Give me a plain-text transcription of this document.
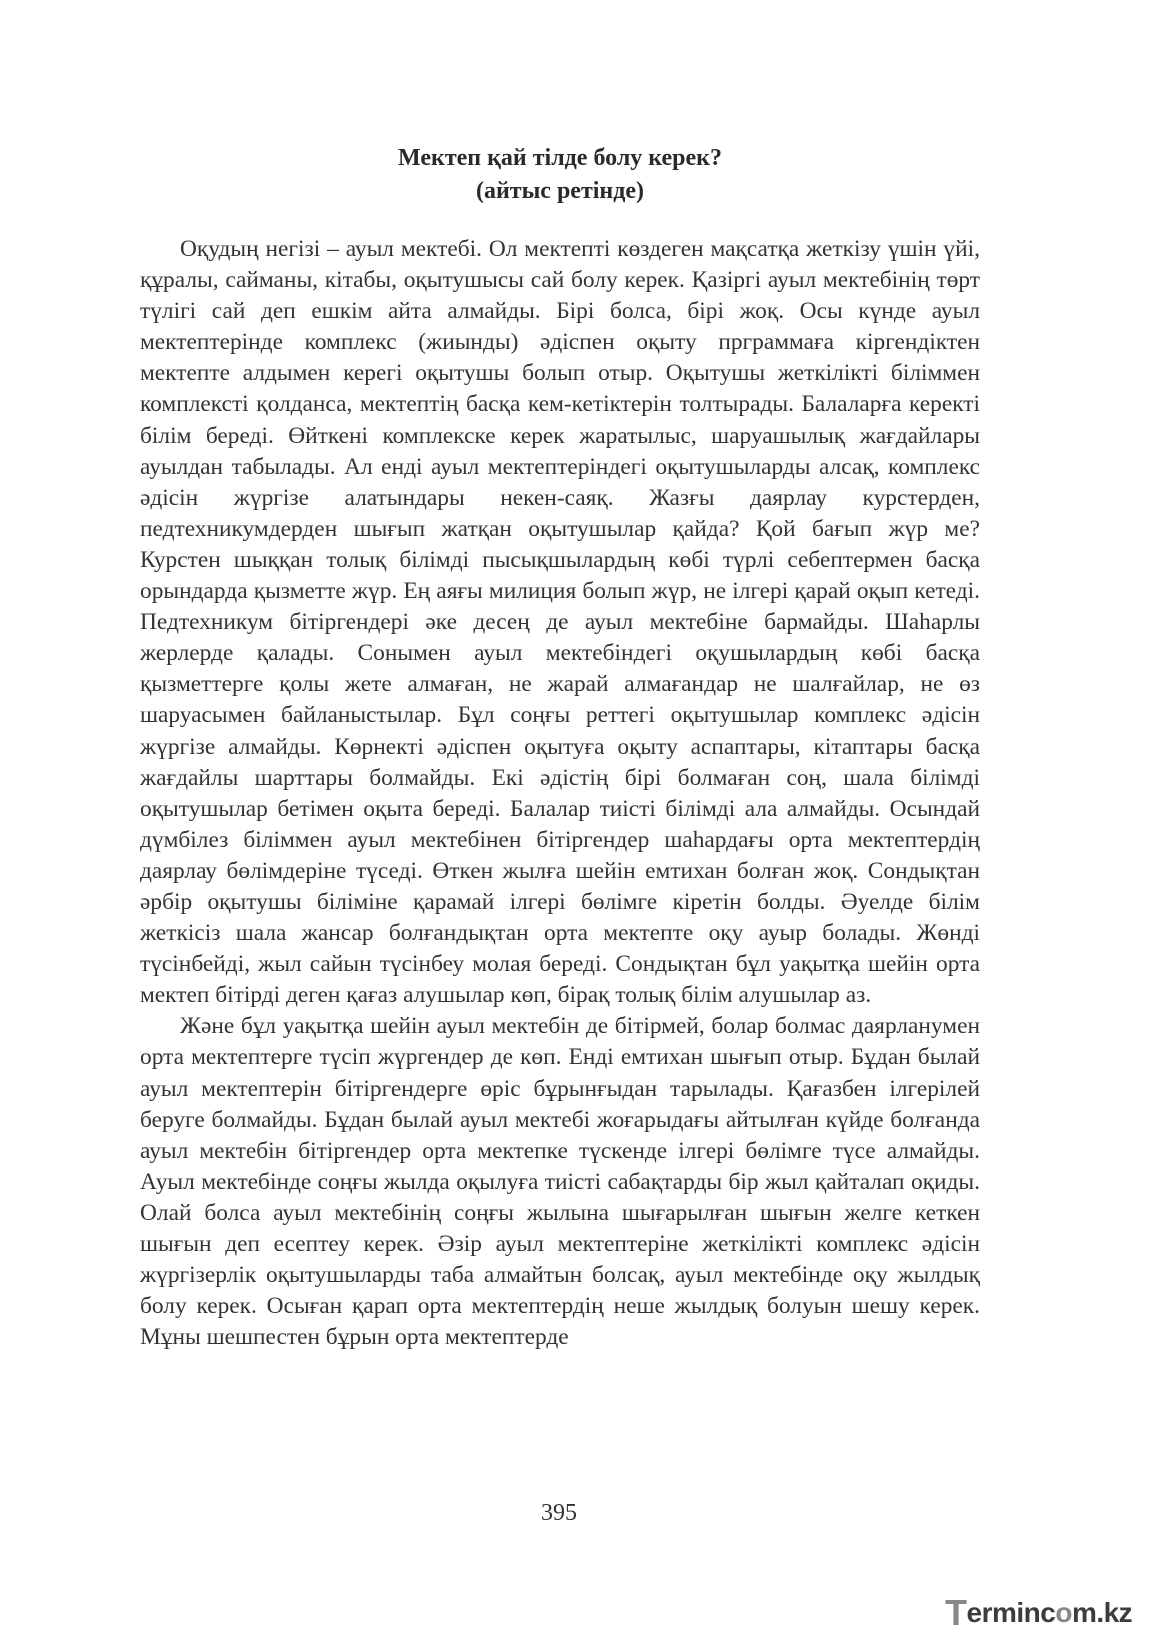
Мектеп қай тілде болу керек?
(айтыс ретінде)

Оқудың негізі – ауыл мектебі. Ол мектепті көздеген мақсатқа жеткізу үшін үйі, құралы, сайманы, кітабы, оқытушысы сай болу керек. Қазіргі ауыл мектебінің төрт түлігі сай деп ешкім айта алмайды. Бірі болса, бірі жоқ. Осы күнде ауыл мектептерінде комплекс (жиынды) әдіспен оқыту прграммаға кіргендіктен мектепте алдымен керегі оқытушы болып отыр. Оқытушы жеткілікті біліммен комплексті қолданса, мектептің басқа кем-кетіктерін толтырады. Балаларға керекті білім береді. Өйткені комплекске керек жаратылыс, шаруашылық жағдайлары ауылдан табылады. Ал енді ауыл мектептеріндегі оқытушыларды алсақ, комплекс әдісін жүргізе алатындары некен-саяқ. Жазғы даярлау курстерден, педтехникумдерден шығып жатқан оқытушылар қайда? Қой бағып жүр ме? Курстен шыққан толық білімді пысықшылардың көбі түрлі себептермен басқа орындарда қызметте жүр. Ең аяғы милиция болып жүр, не ілгері қарай оқып кетеді. Педтехникум бітіргендері әке десең де ауыл мектебіне бармайды. Шаһарлы жерлерде қалады. Сонымен ауыл мектебіндегі оқушылардың көбі басқа қызметтерге қолы жете алмаған, не жарай алмағандар не шалғайлар, не өз шаруасымен байланыстылар. Бұл соңғы реттегі оқытушылар комплекс әдісін жүргізе алмайды. Көрнекті әдіспен оқытуға оқыту аспаптары, кітаптары басқа жағдайлы шарттары болмайды. Екі әдістің бірі болмаған соң, шала білімді оқытушылар бетімен оқыта береді. Балалар тиісті білімді ала алмайды. Осындай дүмбілез біліммен ауыл мектебінен бітіргендер шаһардағы орта мектептердің даярлау бөлімдеріне түседі. Өткен жылға шейін емтихан болған жоқ. Сондықтан әрбір оқытушы біліміне қарамай ілгері бөлімге кіретін болды. Әуелде білім жеткісіз шала жансар болғандықтан орта мектепте оқу ауыр болады. Жөнді түсінбейді, жыл сайын түсінбеу молая береді. Сондықтан бұл уақытқа шейін орта мектеп бітірді деген қағаз алушылар көп, бірақ толық білім алушылар аз.

Және бұл уақытқа шейін ауыл мектебін де бітірмей, болар болмас даярланумен орта мектептерге түсіп жүргендер де көп. Енді емтихан шығып отыр. Бұдан былай ауыл мектептерін бітіргендерге өріс бұрынғыдан тарылады. Қағазбен ілгерілей беруге болмайды. Бұдан былай ауыл мектебі жоғарыдағы айтылған күйде болғанда ауыл мектебін бітіргендер орта мектепке түскенде ілгері бөлімге түсе алмайды. Ауыл мектебінде соңғы жылда оқылуға тиісті сабақтарды бір жыл қайталап оқиды. Олай болса ауыл мектебінің соңғы жылына шығарылған шығын желге кеткен шығын деп есептеу керек. Әзір ауыл мектептеріне жеткілікті комплекс әдісін жүргізерлік оқытушыларды таба алмайтын болсақ, ауыл мектебінде оқу жылдық болу керек. Осыған қарап орта мектептердің неше жылдық болуын шешу керек. Мұны шешпестен бұрын орта мектептерде

395
Termincom.kz
